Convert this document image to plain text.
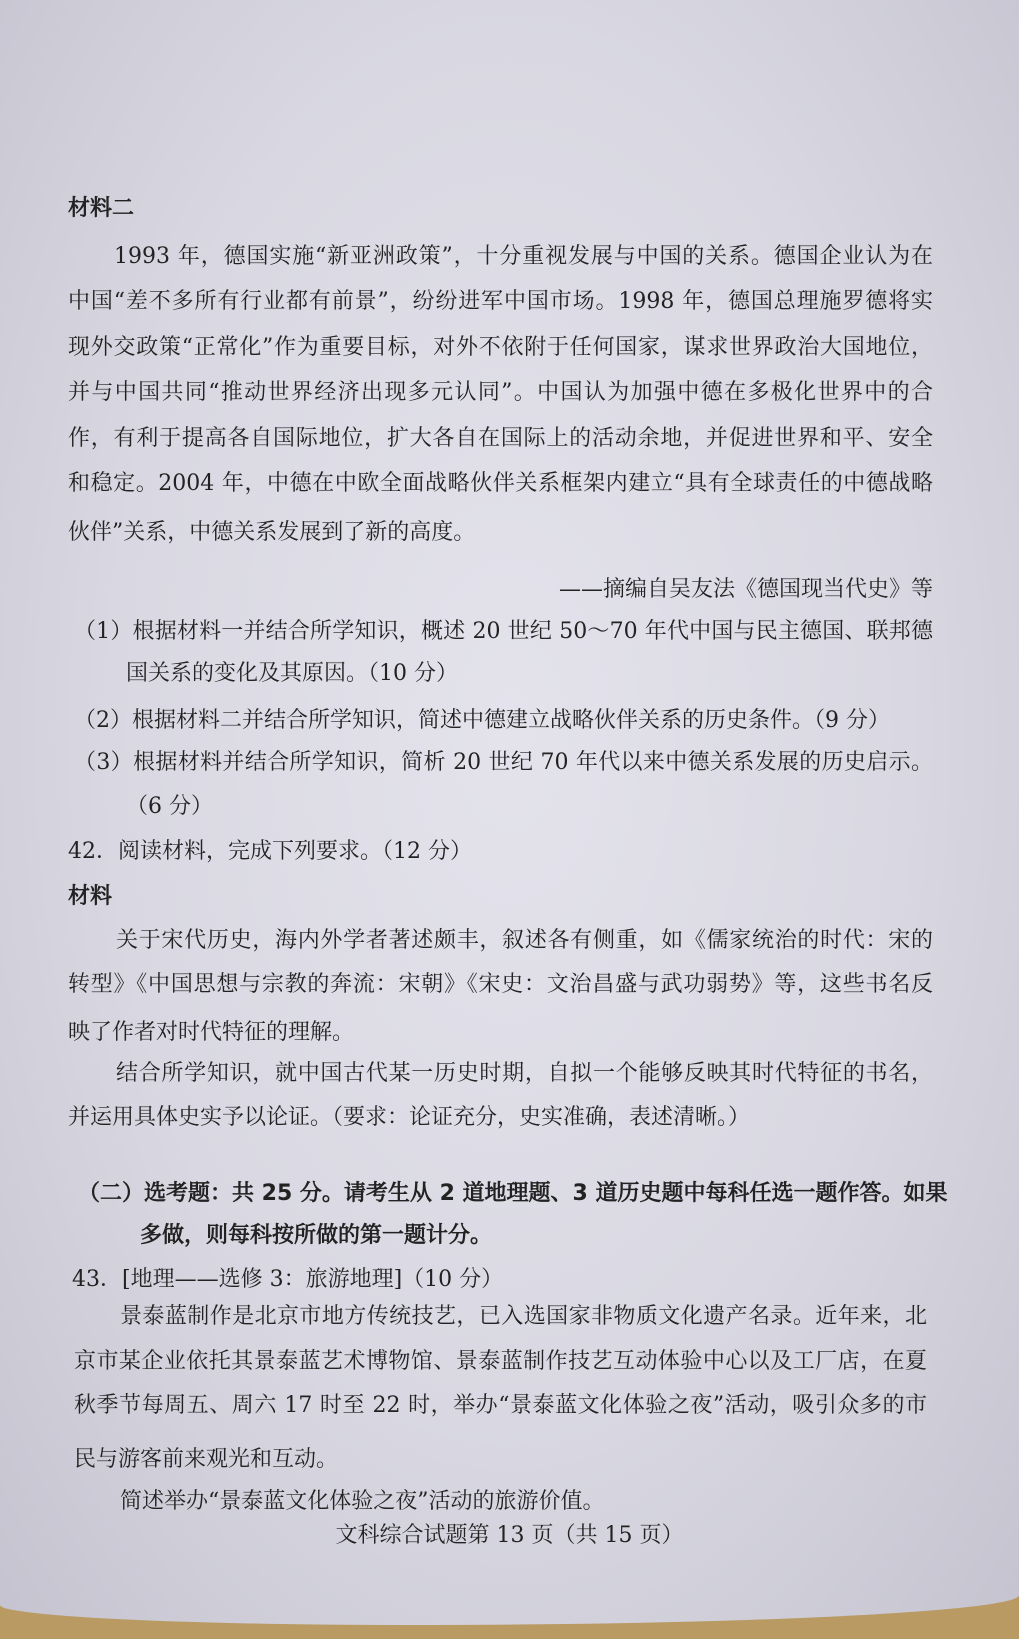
材料二
1993 年，德国实施“新亚洲政策”，十分重视发展与中国的关系。德国企业认为在
中国“差不多所有行业都有前景”，纷纷进军中国市场。1998 年，德国总理施罗德将实
现外交政策“正常化”作为重要目标，对外不依附于任何国家，谋求世界政治大国地位，
并与中国共同“推动世界经济出现多元认同”。中国认为加强中德在多极化世界中的合
作，有利于提高各自国际地位，扩大各自在国际上的活动余地，并促进世界和平、安全
和稳定。2004 年，中德在中欧全面战略伙伴关系框架内建立“具有全球责任的中德战略
伙伴”关系，中德关系发展到了新的高度。
——摘编自吴友法《德国现当代史》等
（1）根据材料一并结合所学知识，概述 20 世纪 50～70 年代中国与民主德国、联邦德
国关系的变化及其原因。（10 分）
（2）根据材料二并结合所学知识，简述中德建立战略伙伴关系的历史条件。（9 分）
（3）根据材料并结合所学知识，简析 20 世纪 70 年代以来中德关系发展的历史启示。
（6 分）
42．阅读材料，完成下列要求。（12 分）
材料
关于宋代历史，海内外学者著述颇丰，叙述各有侧重，如《儒家统治的时代：宋的
转型》《中国思想与宗教的奔流：宋朝》《宋史：文治昌盛与武功弱势》等，这些书名反
映了作者对时代特征的理解。
结合所学知识，就中国古代某一历史时期，自拟一个能够反映其时代特征的书名，
并运用具体史实予以论证。（要求：论证充分，史实准确，表述清晰。）
（二）选考题：共 25 分。请考生从 2 道地理题、3 道历史题中每科任选一题作答。如果
多做，则每科按所做的第一题计分。
43．[地理——选修 3：旅游地理]（10 分）
景泰蓝制作是北京市地方传统技艺，已入选国家非物质文化遗产名录。近年来，北
京市某企业依托其景泰蓝艺术博物馆、景泰蓝制作技艺互动体验中心以及工厂店，在夏
秋季节每周五、周六 17 时至 22 时，举办“景泰蓝文化体验之夜”活动，吸引众多的市
民与游客前来观光和互动。
简述举办“景泰蓝文化体验之夜”活动的旅游价值。
文科综合试题第 13 页（共 15 页）
